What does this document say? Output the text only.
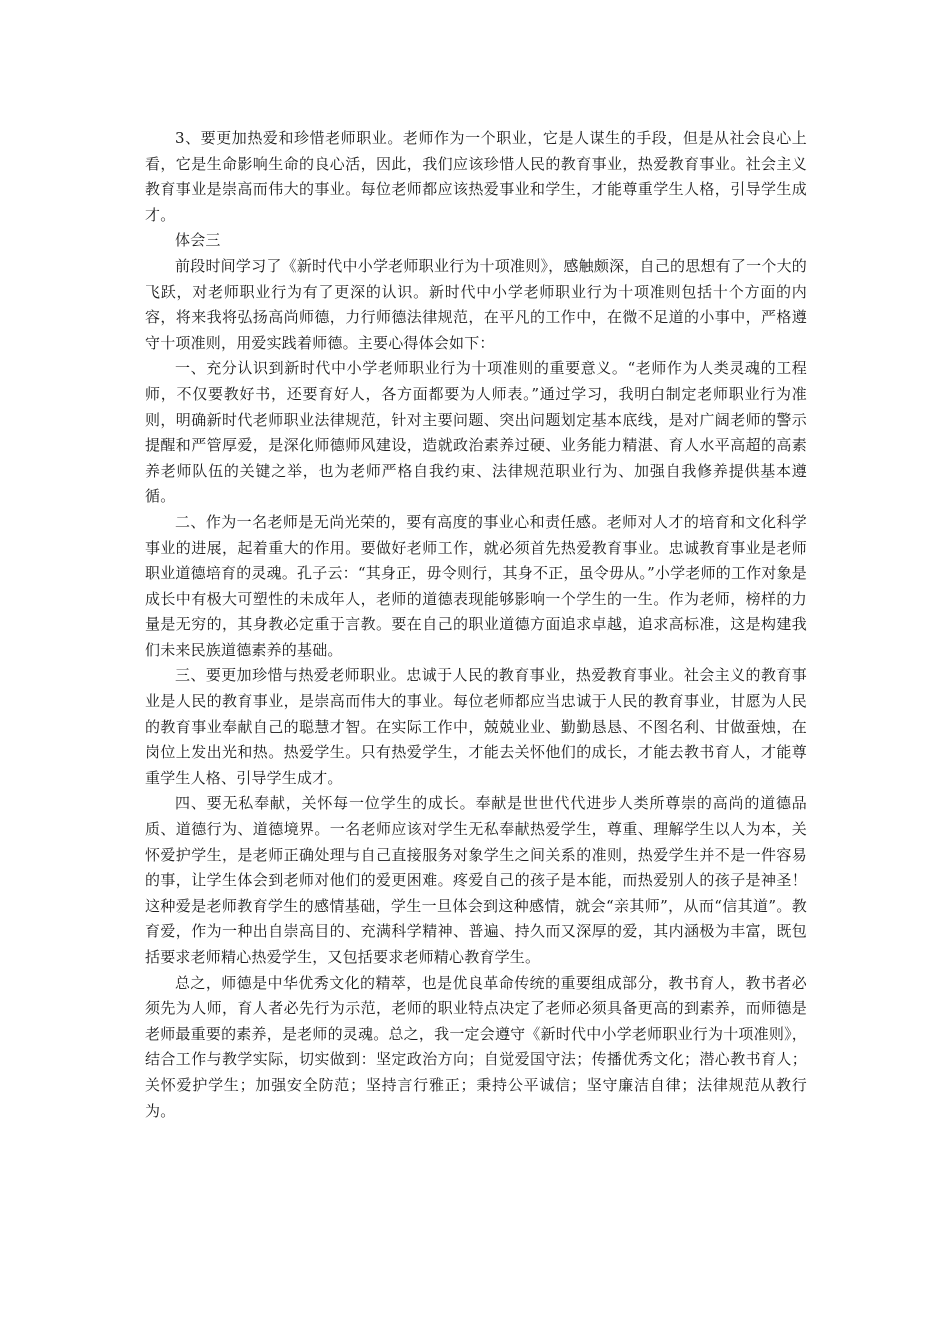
3、要更加热爱和珍惜老师职业。老师作为一个职业，它是人谋生的手段，但是从社会良心上看，它是生命影响生命的良心活，因此，我们应该珍惜人民的教育事业，热爱教育事业。社会主义教育事业是崇高而伟大的事业。每位老师都应该热爱事业和学生，才能尊重学生人格，引导学生成才。

体会三

前段时间学习了《新时代中小学老师职业行为十项准则》，感触颇深，自己的思想有了一个大的飞跃，对老师职业行为有了更深的认识。新时代中小学老师职业行为十项准则包括十个方面的内容，将来我将弘扬高尚师德，力行师德法律规范，在平凡的工作中，在微不足道的小事中，严格遵守十项准则，用爱实践着师德。主要心得体会如下：

一、充分认识到新时代中小学老师职业行为十项准则的重要意义。“老师作为人类灵魂的工程师，不仅要教好书，还要育好人，各方面都要为人师表。”通过学习，我明白制定老师职业行为准则，明确新时代老师职业法律规范，针对主要问题、突出问题划定基本底线，是对广阔老师的警示提醒和严管厚爱，是深化师德师风建设，造就政治素养过硬、业务能力精湛、育人水平高超的高素养老师队伍的关键之举，也为老师严格自我约束、法律规范职业行为、加强自我修养提供基本遵循。

二、作为一名老师是无尚光荣的，要有高度的事业心和责任感。老师对人才的培育和文化科学事业的进展，起着重大的作用。要做好老师工作，就必须首先热爱教育事业。忠诚教育事业是老师职业道德培育的灵魂。孔子云：“其身正，毋令则行，其身不正，虽令毋从。”小学老师的工作对象是成长中有极大可塑性的未成年人，老师的道德表现能够影响一个学生的一生。作为老师，榜样的力量是无穷的，其身教必定重于言教。要在自己的职业道德方面追求卓越，追求高标准，这是构建我们未来民族道德素养的基础。

三、要更加珍惜与热爱老师职业。忠诚于人民的教育事业，热爱教育事业。社会主义的教育事业是人民的教育事业，是崇高而伟大的事业。每位老师都应当忠诚于人民的教育事业，甘愿为人民的教育事业奉献自己的聪慧才智。在实际工作中，兢兢业业、勤勤恳恳、不图名利、甘做蚕烛，在岗位上发出光和热。热爱学生。只有热爱学生，才能去关怀他们的成长，才能去教书育人，才能尊重学生人格、引导学生成才。

四、要无私奉献，关怀每一位学生的成长。奉献是世世代代进步人类所尊崇的高尚的道德品质、道德行为、道德境界。一名老师应该对学生无私奉献热爱学生，尊重、理解学生以人为本，关怀爱护学生，是老师正确处理与自己直接服务对象学生之间关系的准则，热爱学生并不是一件容易的事，让学生体会到老师对他们的爱更困难。疼爱自己的孩子是本能，而热爱别人的孩子是神圣！这种爱是老师教育学生的感情基础，学生一旦体会到这种感情，就会“亲其师”，从而“信其道”。教育爱，作为一种出自崇高目的、充满科学精神、普遍、持久而又深厚的爱，其内涵极为丰富，既包括要求老师精心热爱学生，又包括要求老师精心教育学生。

总之，师德是中华优秀文化的精萃，也是优良革命传统的重要组成部分，教书育人，教书者必须先为人师，育人者必先行为示范，老师的职业特点决定了老师必须具备更高的到素养，而师德是老师最重要的素养，是老师的灵魂。总之，我一定会遵守《新时代中小学老师职业行为十项准则》，结合工作与教学实际，切实做到：坚定政治方向；自觉爱国守法；传播优秀文化；潜心教书育人；关怀爱护学生；加强安全防范；坚持言行雅正；秉持公平诚信；坚守廉洁自律；法律规范从教行为。
